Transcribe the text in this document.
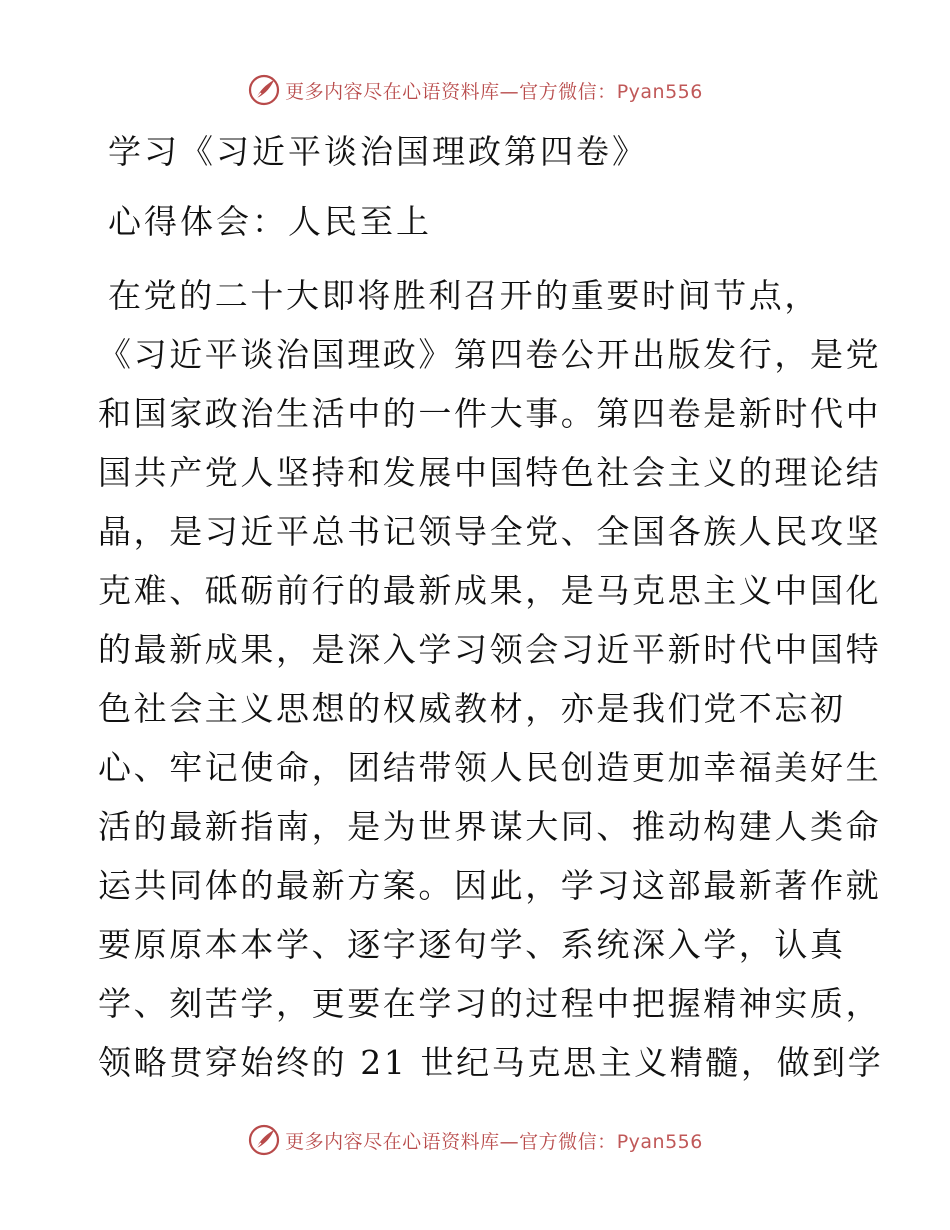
更多内容尽在心语资料库—官方微信：Pyan556
学习《习近平谈治国理政第四卷》
心得体会：人民至上
在党的二十大即将胜利召开的重要时间节点，
《习近平谈治国理政》第四卷公开出版发行，是党
和国家政治生活中的一件大事。第四卷是新时代中
国共产党人坚持和发展中国特色社会主义的理论结
晶，是习近平总书记领导全党、全国各族人民攻坚
克难、砥砺前行的最新成果，是马克思主义中国化
的最新成果，是深入学习领会习近平新时代中国特
色社会主义思想的权威教材，亦是我们党不忘初
心、牢记使命，团结带领人民创造更加幸福美好生
活的最新指南，是为世界谋大同、推动构建人类命
运共同体的最新方案。因此，学习这部最新著作就
要原原本本学、逐字逐句学、系统深入学，认真
学、刻苦学，更要在学习的过程中把握精神实质，
领略贯穿始终的 21 世纪马克思主义精髓，做到学
更多内容尽在心语资料库—官方微信：Pyan556
